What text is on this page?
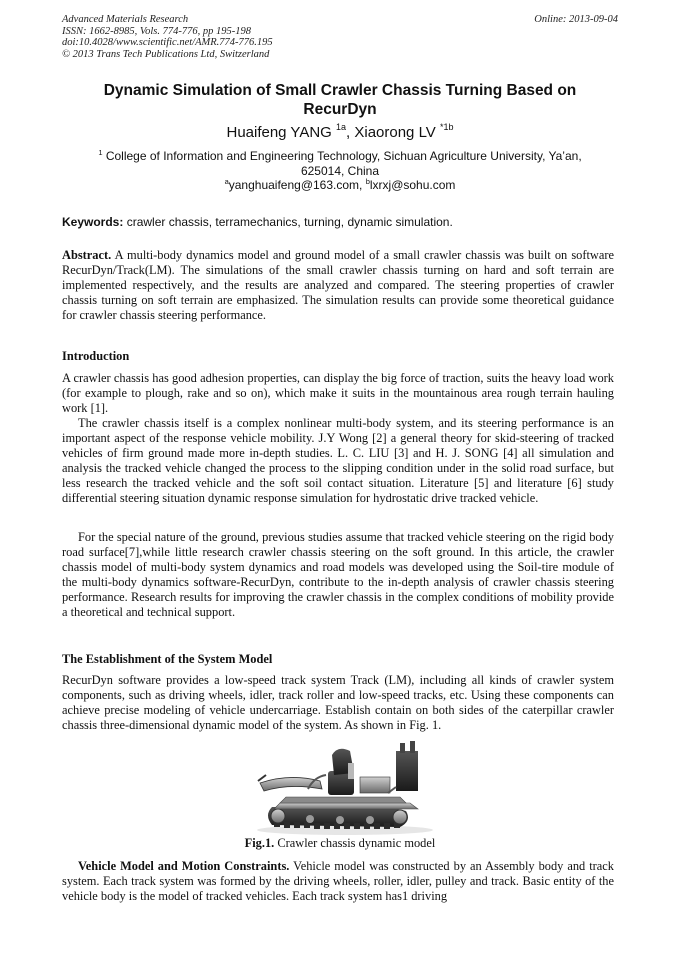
Advanced Materials Research
ISSN: 1662-8985, Vols. 774-776, pp 195-198
doi:10.4028/www.scientific.net/AMR.774-776.195
© 2013 Trans Tech Publications Ltd, Switzerland
Online: 2013-09-04
Dynamic Simulation of Small Crawler Chassis Turning Based on
RecurDyn
Huaifeng YANG $^{1a}$, Xiaorong LV $^{*1b}$
$^1$ College of Information and Engineering Technology, Sichuan Agriculture University, Ya’an,
625014, China
$^a$yanghuaifeng@163.com, $^b$lxrxj@sohu.com
Keywords: crawler chassis, terramechanics, turning, dynamic simulation.
Abstract. A multi-body dynamics model and ground model of a small crawler chassis was built on software RecurDyn/Track(LM). The simulations of the small crawler chassis turning on hard and soft terrain are implemented respectively, and the results are analyzed and compared. The steering properties of crawler chassis turning on soft terrain are emphasized. The simulation results can provide some theoretical guidance for crawler chassis steering performance.
Introduction
A crawler chassis has good adhesion properties, can display the big force of traction, suits the heavy load work (for example to plough, rake and so on), which make it suits in the mountainous area rough terrain hauling work [1].
The crawler chassis itself is a complex nonlinear multi-body system, and its steering performance is an important aspect of the response vehicle mobility. J.Y Wong [2] a general theory for skid-steering of tracked vehicles of firm ground made more in-depth studies. L. C. LIU [3] and H. J. SONG [4] all simulation and analysis the tracked vehicle changed the process to the slipping condition under in the solid road surface, but less research the tracked vehicle and the soft soil contact situation. Literature [5] and literature [6] study differential steering situation dynamic response simulation for hydrostatic drive tracked vehicle.
For the special nature of the ground, previous studies assume that tracked vehicle steering on the rigid body road surface[7],while little research crawler chassis steering on the soft ground. In this article, the crawler chassis model of multi-body system dynamics and road models was developed using the Soil-tire module of the multi-body dynamics software-RecurDyn, contribute to the in-depth analysis of crawler chassis steering performance. Research results for improving the crawler chassis in the complex conditions of mobility provide a theoretical and technical support.
The Establishment of the System Model
RecurDyn software provides a low-speed track system Track (LM), including all kinds of crawler system components, such as driving wheels, idler, track roller and low-speed tracks, etc. Using these components can achieve precise modeling of vehicle undercarriage. Establish contain on both sides of the caterpillar crawler chassis three-dimensional dynamic model of the system. As shown in Fig. 1.
Fig.1. Crawler chassis dynamic model
Vehicle Model and Motion Constraints. Vehicle model was constructed by an Assembly body and track system. Each track system was formed by the driving wheels, roller, idler, pulley and track. Basic entity of the vehicle body is the model of tracked vehicles. Each track system has1 driving
